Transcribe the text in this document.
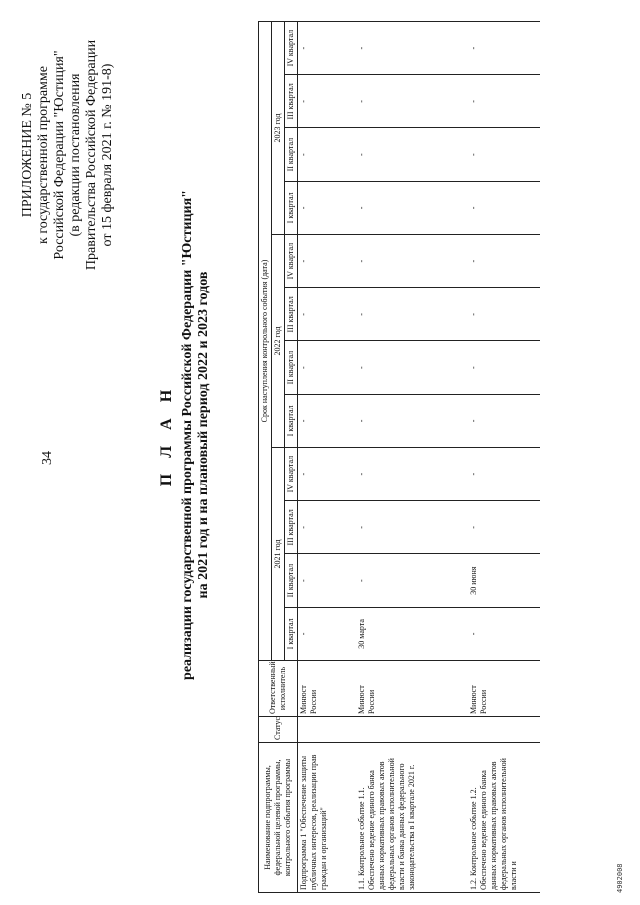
34
ПРИЛОЖЕНИЕ № 5 к государственной программе Российской Федерации "Юстиция" (в редакции постановления Правительства Российской Федерации от 15 февраля 2021 г. № 191-8)
П Л А Н реализации государственной программы Российской Федерации "Юстиция" на 2021 год и на плановый период 2022 и 2023 годов
Наименование подпрограммы, федеральной целевой программы, контрольного события программы	Статус	Ответственный исполнитель	Срок наступления контрольного события (дата)											
			2021 год				2022 год				2023 год			
			I квартал	II квартал	III квартал	IV квартал	I квартал	II квартал	III квартал	IV квартал	I квартал	II квартал	III квартал	IV квартал
Подпрограмма 1 "Обеспечение защиты публичных интересов, реализации прав граждан и организаций"		Минюст России	-	-	-	-	-	-	-	-	-	-	-	-
1.1. Контрольное событие 1.1. Обеспечено ведение единого банка данных нормативных правовых актов федеральных органов исполнительной власти и банка данных федерального законодательства в I квартале 2021 г.		Минюст России	30 марта	-	-	-	-	-	-	-	-	-	-	-
1.2. Контрольное событие 1.2. Обеспечено ведение единого банка данных нормативных правовых актов федеральных органов исполнительной власти и		Минюст России	-	30 июня	-	-	-	-	-	-	-	-	-	-
4902008
